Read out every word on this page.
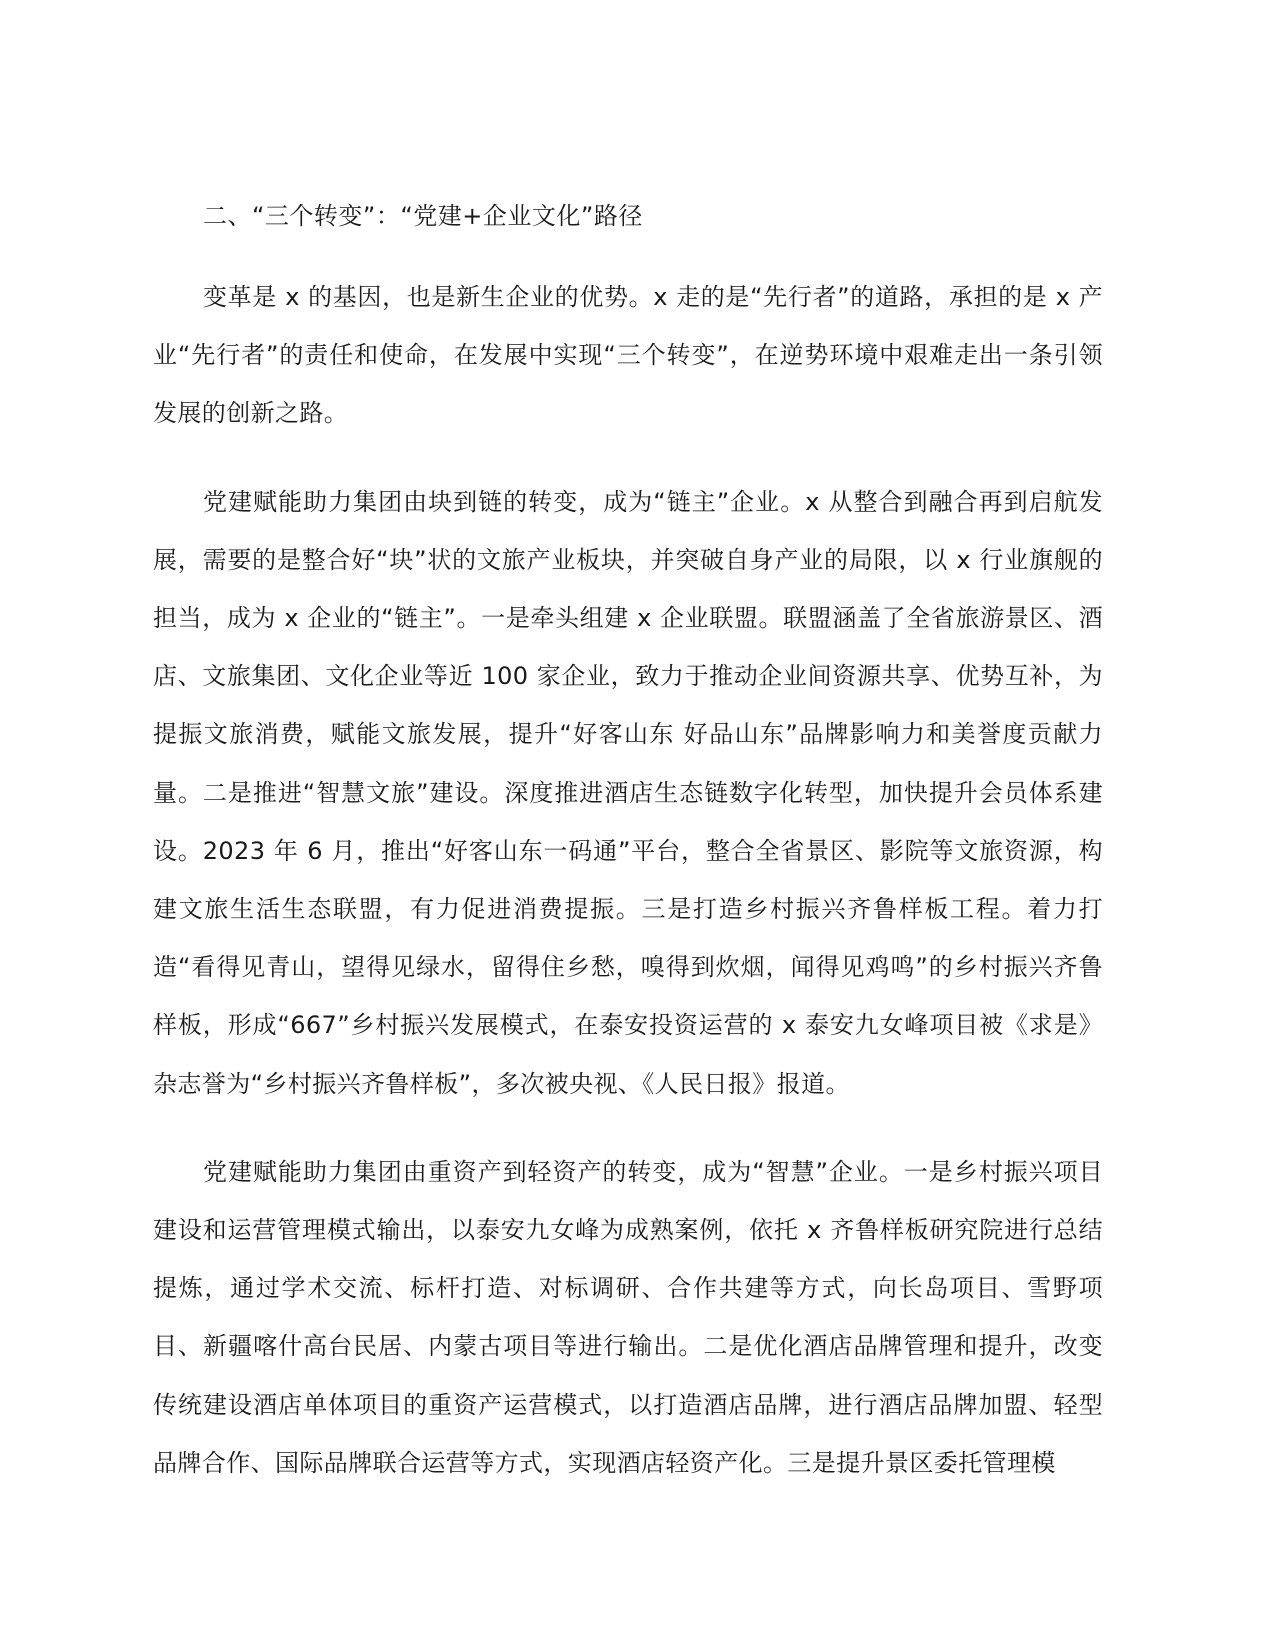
二、“三个转变”：“党建+企业文化”路径

变革是 x 的基因，也是新生企业的优势。x 走的是“先行者”的道路，承担的是 x 产业“先行者”的责任和使命，在发展中实现“三个转变”，在逆势环境中艰难走出一条引领发展的创新之路。

党建赋能助力集团由块到链的转变，成为“链主”企业。x 从整合到融合再到启航发展，需要的是整合好“块”状的文旅产业板块，并突破自身产业的局限，以 x 行业旗舰的担当，成为 x 企业的“链主”。一是牵头组建 x 企业联盟。联盟涵盖了全省旅游景区、酒店、文旅集团、文化企业等近 100 家企业，致力于推动企业间资源共享、优势互补，为提振文旅消费，赋能文旅发展，提升“好客山东 好品山东”品牌影响力和美誉度贡献力量。二是推进“智慧文旅”建设。深度推进酒店生态链数字化转型，加快提升会员体系建设。2023 年 6 月，推出“好客山东一码通”平台，整合全省景区、影院等文旅资源，构建文旅生活生态联盟，有力促进消费提振。三是打造乡村振兴齐鲁样板工程。着力打造“看得见青山，望得见绿水，留得住乡愁，嗅得到炊烟，闻得见鸡鸣”的乡村振兴齐鲁样板，形成“667”乡村振兴发展模式，在泰安投资运营的 x 泰安九女峰项目被《求是》杂志誉为“乡村振兴齐鲁样板”，多次被央视、《人民日报》报道。

党建赋能助力集团由重资产到轻资产的转变，成为“智慧”企业。一是乡村振兴项目建设和运营管理模式输出，以泰安九女峰为成熟案例，依托 x 齐鲁样板研究院进行总结提炼，通过学术交流、标杆打造、对标调研、合作共建等方式，向长岛项目、雪野项目、新疆喀什高台民居、内蒙古项目等进行输出。二是优化酒店品牌管理和提升，改变传统建设酒店单体项目的重资产运营模式，以打造酒店品牌，进行酒店品牌加盟、轻型品牌合作、国际品牌联合运营等方式，实现酒店轻资产化。三是提升景区委托管理模
